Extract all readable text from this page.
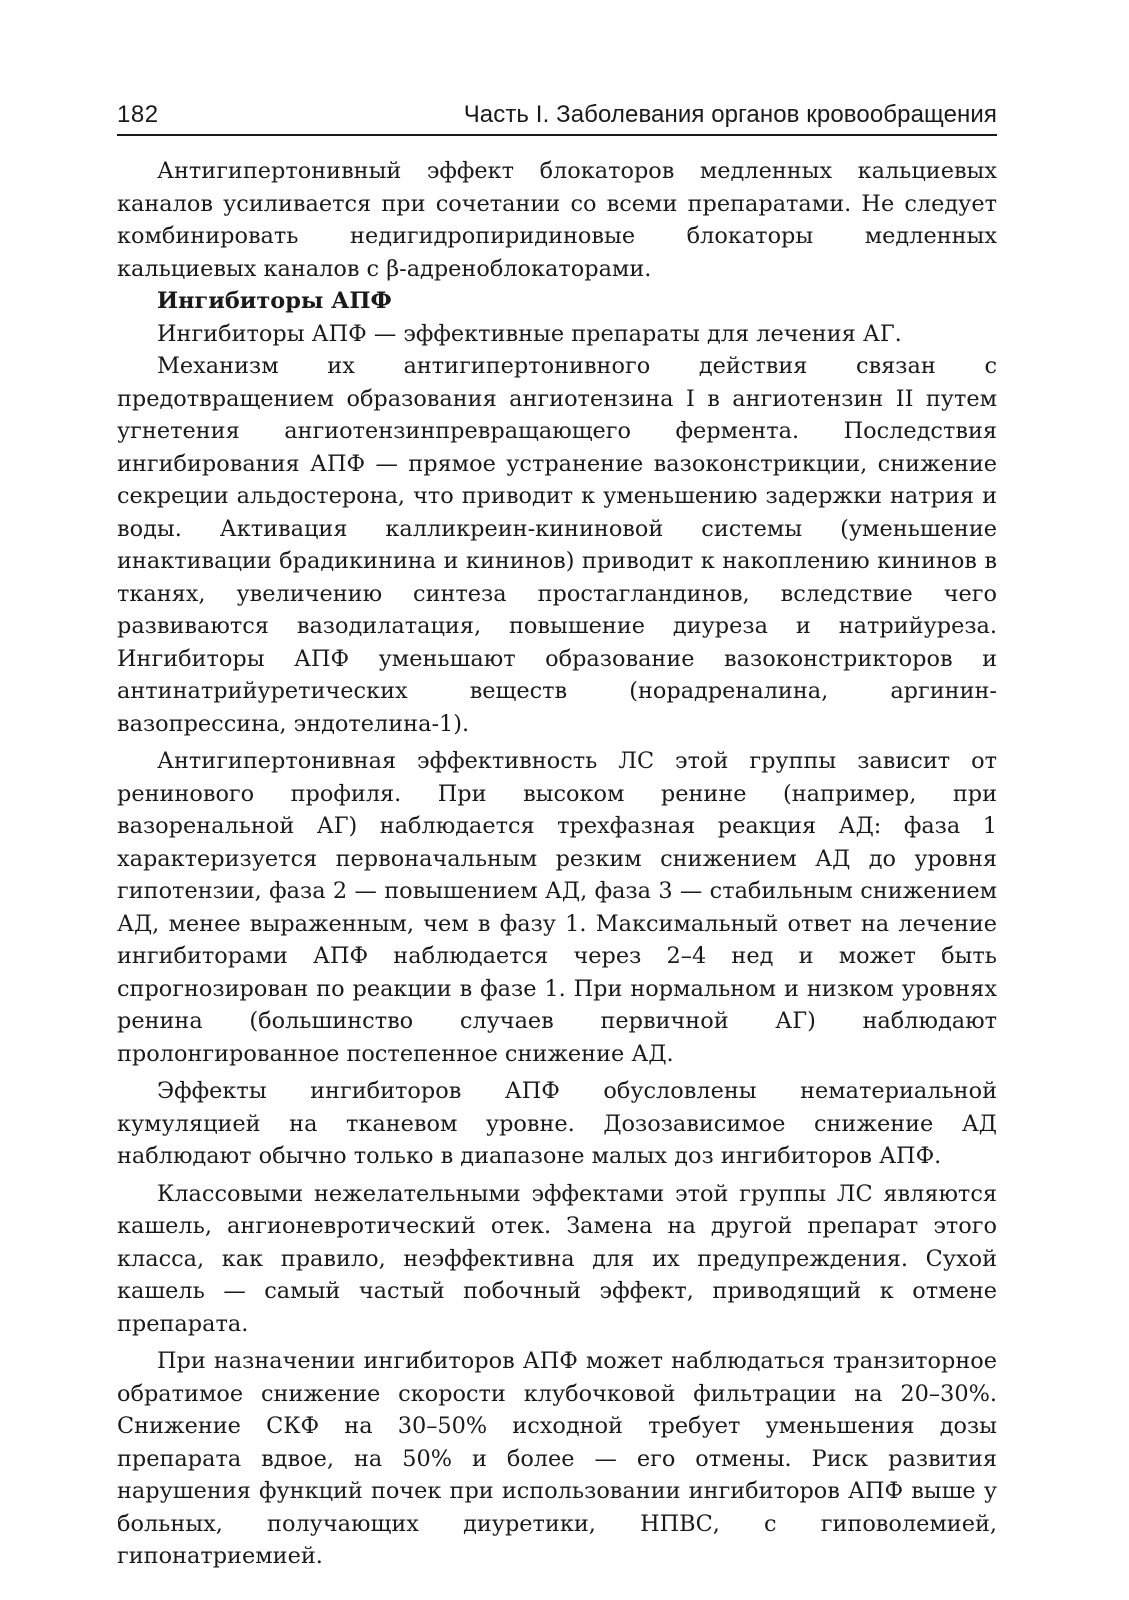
182	Часть I. Заболевания органов кровообращения

Антигипертонивный эффект блокаторов медленных кальциевых каналов усиливается при сочетании со всеми препаратами. Не следует комбинировать недигидропиридиновые блокаторы медленных кальциевых каналов с β-адреноблокаторами.

Ингибиторы АПФ

Ингибиторы АПФ — эффективные препараты для лечения АГ.

Механизм их антигипертонивного действия связан с предотвращением образования ангиотензина I в ангиотензин II путем угнетения ангиотензинпревращающего фермента. Последствия ингибирования АПФ — прямое устранение вазоконстрикции, снижение секреции альдостерона, что приводит к уменьшению задержки натрия и воды. Активация калликреин-кининовой системы (уменьшение инактивации брадикинина и кининов) приводит к накоплению кининов в тканях, увеличению синтеза простагландинов, вследствие чего развиваются вазодилатация, повышение диуреза и натрийуреза. Ингибиторы АПФ уменьшают образование вазоконстрикторов и антинатрийуретических веществ (норадреналина, аргинин-вазопрессина, эндотелина-1).

Антигипертонивная эффективность ЛС этой группы зависит от ренинового профиля. При высоком ренине (например, при вазоренальной АГ) наблюдается трехфазная реакция АД: фаза 1 характеризуется первоначальным резким снижением АД до уровня гипотензии, фаза 2 — повышением АД, фаза 3 — стабильным снижением АД, менее выраженным, чем в фазу 1. Максимальный ответ на лечение ингибиторами АПФ наблюдается через 2–4 нед и может быть спрогнозирован по реакции в фазе 1. При нормальном и низком уровнях ренина (большинство случаев первичной АГ) наблюдают пролонгированное постепенное снижение АД.

Эффекты ингибиторов АПФ обусловлены нематериальной кумуляцией на тканевом уровне. Дозозависимое снижение АД наблюдают обычно только в диапазоне малых доз ингибиторов АПФ.

Классовыми нежелательными эффектами этой группы ЛС являются кашель, ангионевротический отек. Замена на другой препарат этого класса, как правило, неэффективна для их предупреждения. Сухой кашель — самый частый побочный эффект, приводящий к отмене препарата.

При назначении ингибиторов АПФ может наблюдаться транзиторное обратимое снижение скорости клубочковой фильтрации на 20–30%. Снижение СКФ на 30–50% исходной требует уменьшения дозы препарата вдвое, на 50% и более — его отмены. Риск развития нарушения функций почек при использовании ингибиторов АПФ выше у больных, получающих диуретики, НПВС, с гиповолемией, гипонатриемией.
